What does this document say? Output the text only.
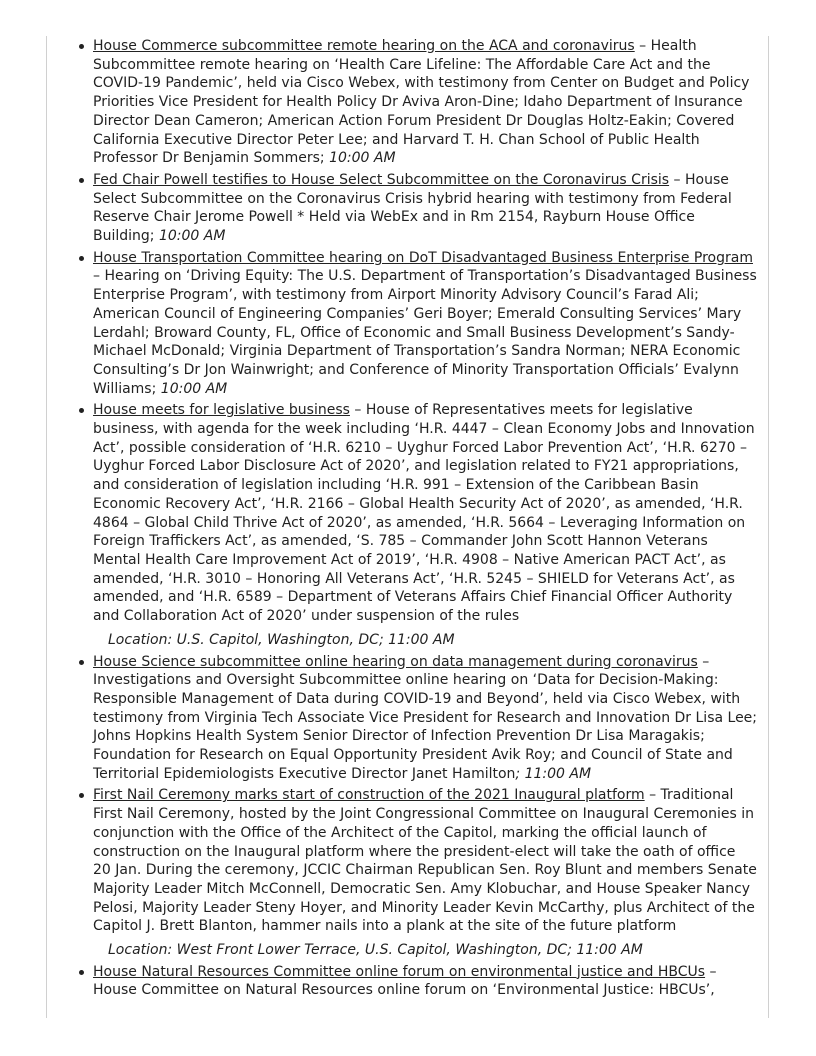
House Commerce subcommittee remote hearing on the ACA and coronavirus – Health Subcommittee remote hearing on ‘Health Care Lifeline: The Affordable Care Act and the COVID-19 Pandemic’, held via Cisco Webex, with testimony from Center on Budget and Policy Priorities Vice President for Health Policy Dr Aviva Aron-Dine; Idaho Department of Insurance Director Dean Cameron; American Action Forum President Dr Douglas Holtz-Eakin; Covered California Executive Director Peter Lee; and Harvard T. H. Chan School of Public Health Professor Dr Benjamin Sommers; 10:00 AM
Fed Chair Powell testifies to House Select Subcommittee on the Coronavirus Crisis – House Select Subcommittee on the Coronavirus Crisis hybrid hearing with testimony from Federal Reserve Chair Jerome Powell * Held via WebEx and in Rm 2154, Rayburn House Office Building; 10:00 AM
House Transportation Committee hearing on DoT Disadvantaged Business Enterprise Program – Hearing on ‘Driving Equity: The U.S. Department of Transportation’s Disadvantaged Business Enterprise Program’, with testimony from Airport Minority Advisory Council’s Farad Ali; American Council of Engineering Companies’ Geri Boyer; Emerald Consulting Services’ Mary Lerdahl; Broward County, FL, Office of Economic and Small Business Development’s Sandy-Michael McDonald; Virginia Department of Transportation’s Sandra Norman; NERA Economic Consulting’s Dr Jon Wainwright; and Conference of Minority Transportation Officials’ Evalynn Williams; 10:00 AM
House meets for legislative business – House of Representatives meets for legislative business, with agenda for the week including ‘H.R. 4447 – Clean Economy Jobs and Innovation Act’, possible consideration of ‘H.R. 6210 – Uyghur Forced Labor Prevention Act’, ‘H.R. 6270 – Uyghur Forced Labor Disclosure Act of 2020’, and legislation related to FY21 appropriations, and consideration of legislation including ‘H.R. 991 – Extension of the Caribbean Basin Economic Recovery Act’, ‘H.R. 2166 – Global Health Security Act of 2020’, as amended, ‘H.R. 4864 – Global Child Thrive Act of 2020’, as amended, ‘H.R. 5664 – Leveraging Information on Foreign Traffickers Act’, as amended, ‘S. 785 – Commander John Scott Hannon Veterans Mental Health Care Improvement Act of 2019’, ‘H.R. 4908 – Native American PACT Act’, as amended, ‘H.R. 3010 – Honoring All Veterans Act’, ‘H.R. 5245 – SHIELD for Veterans Act’, as amended, and ‘H.R. 6589 – Department of Veterans Affairs Chief Financial Officer Authority and Collaboration Act of 2020’ under suspension of the rules
Location: U.S. Capitol, Washington, DC; 11:00 AM
House Science subcommittee online hearing on data management during coronavirus – Investigations and Oversight Subcommittee online hearing on ‘Data for Decision-Making: Responsible Management of Data during COVID-19 and Beyond’, held via Cisco Webex, with testimony from Virginia Tech Associate Vice President for Research and Innovation Dr Lisa Lee; Johns Hopkins Health System Senior Director of Infection Prevention Dr Lisa Maragakis; Foundation for Research on Equal Opportunity President Avik Roy; and Council of State and Territorial Epidemiologists Executive Director Janet Hamilton; 11:00 AM
First Nail Ceremony marks start of construction of the 2021 Inaugural platform – Traditional First Nail Ceremony, hosted by the Joint Congressional Committee on Inaugural Ceremonies in conjunction with the Office of the Architect of the Capitol, marking the official launch of construction on the Inaugural platform where the president-elect will take the oath of office 20 Jan. During the ceremony, JCCIC Chairman Republican Sen. Roy Blunt and members Senate Majority Leader Mitch McConnell, Democratic Sen. Amy Klobuchar, and House Speaker Nancy Pelosi, Majority Leader Steny Hoyer, and Minority Leader Kevin McCarthy, plus Architect of the Capitol J. Brett Blanton, hammer nails into a plank at the site of the future platform
Location: West Front Lower Terrace, U.S. Capitol, Washington, DC; 11:00 AM
House Natural Resources Committee online forum on environmental justice and HBCUs – House Committee on Natural Resources online forum on ‘Environmental Justice: HBCUs’,
